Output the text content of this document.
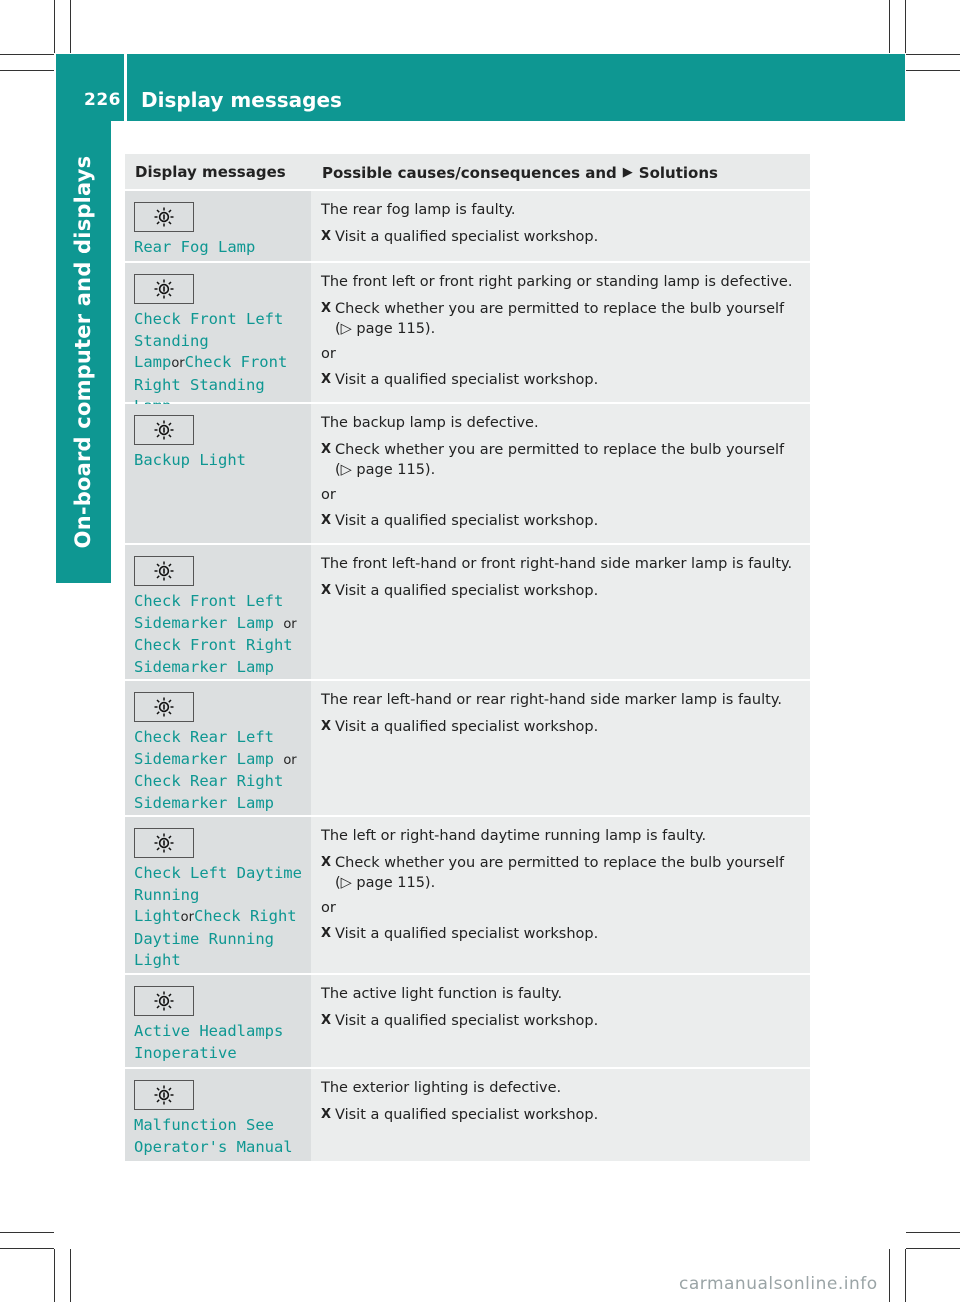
226 Display messages
On-board computer and displays	Display messages	Possible causes/consequences and ▶ Solutions
Rear Fog Lamp
The rear fog lamp is faulty.
X Visit a qualified specialist workshop.
Check Front Left Standing LamporCheck Front Right Standing
The front left or front right parking or standing lamp is defective.
X Check whether you are permitted to replace the bulb yourself
(▷ page 115).
or
X Visit a qualified specialist workshop.
Backup Light
The backup lamp is defective.
X Check whether you are permitted to replace the bulb yourself
(▷ page 115).
or
X Visit a qualified specialist workshop.
Check Front Left Sidemarker Lamp or Check Front Right Sidemarker Lamp
The front left-hand or front right-hand side marker lamp is faulty.
X Visit a qualified specialist workshop.
Check Rear Left Sidemarker Lamp or Check Rear Right Sidemarker Lamp
The rear left-hand or rear right-hand side marker lamp is faulty.
X Visit a qualified specialist workshop.
Check Left Daytime Running LightorCheck Right Daytime Running Light
The left or right-hand daytime running lamp is faulty.
X Check whether you are permitted to replace the bulb yourself
(▷ page 115).
or
X Visit a qualified specialist workshop.
Active Headlamps Inoperative
The active light function is faulty.
X Visit a qualified specialist workshop.
Malfunction See Operator's Manual
The exterior lighting is defective.
X Visit a qualified specialist workshop.
carmanualsonline.info
